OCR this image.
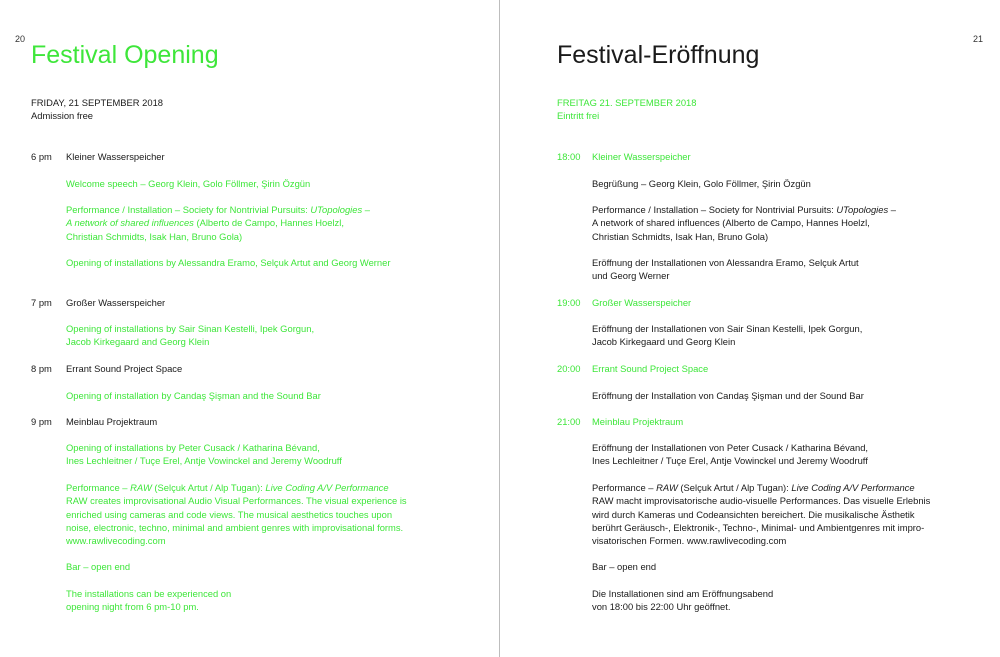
20
Festival Opening
FRIDAY, 21 SEPTEMBER 2018
Admission free
6 pm Kleiner Wasserspeicher
Welcome speech – Georg Klein, Golo Föllmer, Şirin Özgün
Performance / Installation – Society for Nontrivial Pursuits: UTopologies –
A network of shared influences (Alberto de Campo, Hannes Hoelzl,
Christian Schmidts, Isak Han, Bruno Gola)
Opening of installations by Alessandra Eramo, Selçuk Artut and Georg Werner
7 pm Großer Wasserspeicher
Opening of installations by Sair Sinan Kestelli, Ipek Gorgun,
Jacob Kirkegaard and Georg Klein
8 pm Errant Sound Project Space
Opening of installation by Candaş Şişman and the Sound Bar
9 pm Meinblau Projektraum
Opening of installations by Peter Cusack / Katharina Bévand,
Ines Lechleitner / Tuçe Erel, Antje Vowinckel and Jeremy Woodruff
Performance – RAW (Selçuk Artut / Alp Tugan): Live Coding A/V Performance
RAW creates improvisational Audio Visual Performances. The visual experience is
enriched using cameras and code views. The musical aesthetics touches upon
noise, electronic, techno, minimal and ambient genres with improvisational forms.
www.rawlivecoding.com
Bar – open end
The installations can be experienced on
opening night from 6 pm-10 pm.
21
Festival-Eröffnung
FREITAG 21. SEPTEMBER 2018
Eintritt frei
18:00 Kleiner Wasserspeicher
Begrüßung – Georg Klein, Golo Föllmer, Şirin Özgün
Performance / Installation – Society for Nontrivial Pursuits: UTopologies –
A network of shared influences (Alberto de Campo, Hannes Hoelzl,
Christian Schmidts, Isak Han, Bruno Gola)
Eröffnung der Installationen von Alessandra Eramo, Selçuk Artut
und Georg Werner
19:00 Großer Wasserspeicher
Eröffnung der Installationen von Sair Sinan Kestelli, Ipek Gorgun,
Jacob Kirkegaard und Georg Klein
20:00 Errant Sound Project Space
Eröffnung der Installation von Candaş Şişman und der Sound Bar
21:00 Meinblau Projektraum
Eröffnung der Installationen von Peter Cusack / Katharina Bévand,
Ines Lechleitner / Tuçe Erel, Antje Vowinckel und Jeremy Woodruff
Performance – RAW (Selçuk Artut / Alp Tugan): Live Coding A/V Performance
RAW macht improvisatorische audio-visuelle Performances. Das visuelle Erlebnis
wird durch Kameras und Codeansichten bereichert. Die musikalische Ästhetik
berührt Geräusch-, Elektronik-, Techno-, Minimal- und Ambientgenres mit impro-
visatorischen Formen. www.rawlivecoding.com
Bar – open end
Die Installationen sind am Eröffnungsabend
von 18:00 bis 22:00 Uhr geöffnet.
